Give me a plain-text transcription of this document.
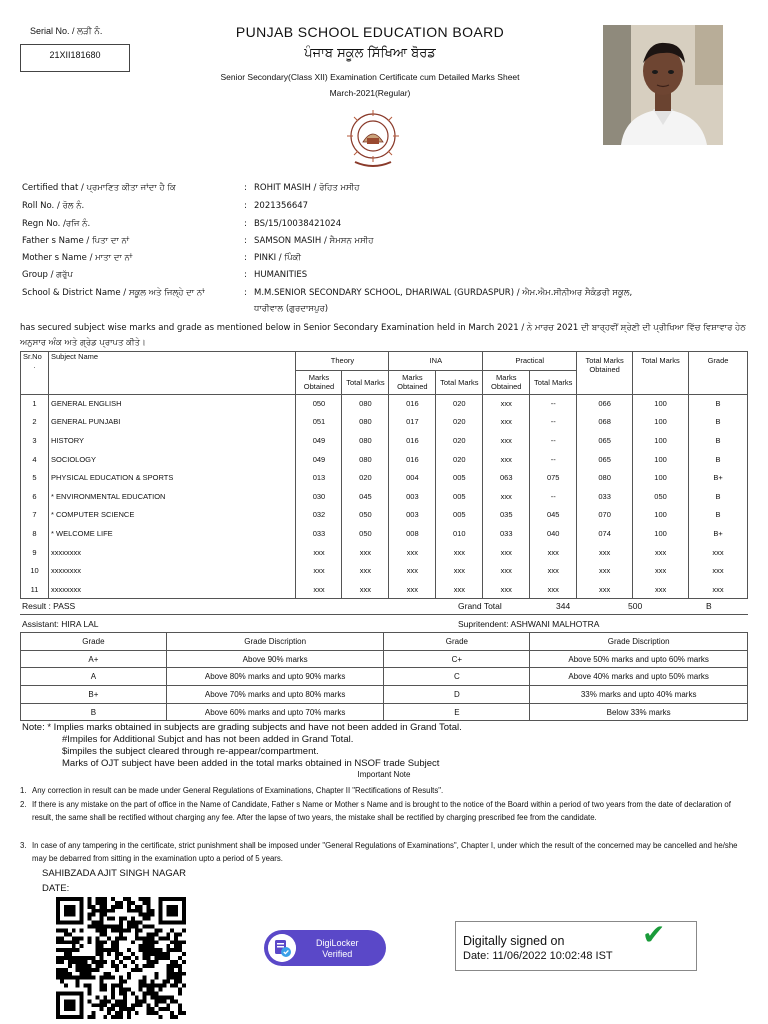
Serial No. / ਲੜੀ ਨੰ.
21XII181680
PUNJAB SCHOOL EDUCATION BOARD
ਪੰਜਾਬ ਸਕੂਲ ਸਿੱਖਿਆ ਬੋਰਡ
Senior Secondary(Class XII) Examination Certificate cum Detailed Marks Sheet
March-2021(Regular)
Certified that / ਪ੍ਰਮਾਣਿਤ ਕੀਤਾ ਜਾਂਦਾ ਹੈ ਕਿ	: ROHIT MASIH / ਰੋਹਿਤ ਮਸੀਹ
Roll No. / ਰੋਲ ਨੰ.	: 2021356647
Regn No. /ਰਜਿ ਨੰ.	: BS/15/10038421024
Father s Name / ਪਿਤਾ ਦਾ ਨਾਂ	: SAMSON MASIH / ਸੈਮਸਨ ਮਸੀਹ
Mother s Name / ਮਾਤਾ ਦਾ ਨਾਂ	: PINKI / ਪਿੰਕੀ
Group / ਗਰੁੱਪ	: HUMANITIES
School & District Name / ਸਕੂਲ ਅਤੇ ਜਿਲ੍ਹੇ ਦਾ ਨਾਂ	: M.M.SENIOR SECONDARY SCHOOL, DHARIWAL (GURDASPUR) / ਐਮ.ਐਮ.ਸੀਨੀਅਰ ਸੈਕੰਡਰੀ ਸਕੂਲ,
ਧਾਰੀਵਾਲ (ਗੁਰਦਾਸਪੁਰ)
has secured subject wise marks and grade as mentioned below in Senior Secondary Examination held in March 2021 / ਨੇ ਮਾਰਚ 2021 ਦੀ ਬਾਰ੍ਹਵੀਂ ਸ਼੍ਰੇਣੀ ਦੀ ਪ੍ਰੀਖਿਆ ਵਿੱਚ ਵਿਸ਼ਾਵਾਰ ਹੇਠ ਅਨੁਸਾਰ ਅੰਕ ਅਤੇ ਗ੍ਰੇਡ ਪ੍ਰਾਪਤ ਕੀਤੇ।
Sr.No
.	Subject Name	Theory		INA		Practical		Total Marks Obtained	Total Marks	Grade
		Marks Obtained	Total Marks	Marks Obtained	Total Marks	Marks Obtained	Total Marks			
1	GENERAL ENGLISH	050	080	016	020	xxx	--	066	100	B
2	GENERAL PUNJABI	051	080	017	020	xxx	--	068	100	B
3	HISTORY	049	080	016	020	xxx	--	065	100	B
4	SOCIOLOGY	049	080	016	020	xxx	--	065	100	B
5	PHYSICAL EDUCATION & SPORTS	013	020	004	005	063	075	080	100	B+
6	* ENVIRONMENTAL EDUCATION	030	045	003	005	xxx	--	033	050	B
7	* COMPUTER SCIENCE	032	050	003	005	035	045	070	100	B
8	* WELCOME LIFE	033	050	008	010	033	040	074	100	B+
9	xxxxxxxx	xxx	xxx	xxx	xxx	xxx	xxx	xxx	xxx	xxx
10	xxxxxxxx	xxx	xxx	xxx	xxx	xxx	xxx	xxx	xxx	xxx
11	xxxxxxxx	xxx	xxx	xxx	xxx	xxx	xxx	xxx	xxx	xxx
Result : PASS	Grand Total	344	500	B
Assistant: HIRA LAL	Supritendent: ASHWANI MALHOTRA
Grade	Grade Discription	Grade	Grade Discription
A+	Above 90% marks	C+	Above 50% marks and upto 60% marks
A	Above 80% marks and upto 90% marks	C	Above 40% marks and upto 50% marks
B+	Above 70% marks and upto 80% marks	D	33% marks and upto 40% marks
B	Above 60% marks and upto 70% marks	E	Below 33% marks
Note: * Implies marks obtained in subjects are grading subjects and have not been added in Grand Total.
#Impiles for Additional Subjct and has not been added in Grand Total.
$impiles the subject cleared through re-appear/compartment.
Marks of OJT subject have been added in the total marks obtained in NSOF trade Subject
Important Note
1. Any correction in result can be made under General Regulations of Examinations, Chapter II "Rectifications of Results".
2. If there is any mistake on the part of office in the Name of Candidate, Father s Name or Mother s Name and is brought to the notice of the Board within a period of two years from the date of declaration of result, the same shall be rectified without charging any fee. After the lapse of two years, the mistake shall be rectified by charging prescribed fee from the candidate.
3. In case of any tampering in the certificate, strict punishment shall be imposed under "General Regulations of Examinations", Chapter I, under which the result of the concerned may be cancelled and he/she may be debarred from sitting in the examination upto a period of 5 years.
SAHIBZADA AJIT SINGH NAGAR
DATE:
DigiLocker
Verified
Digitally signed on
Date: 11/06/2022 10:02:48 IST
✔
